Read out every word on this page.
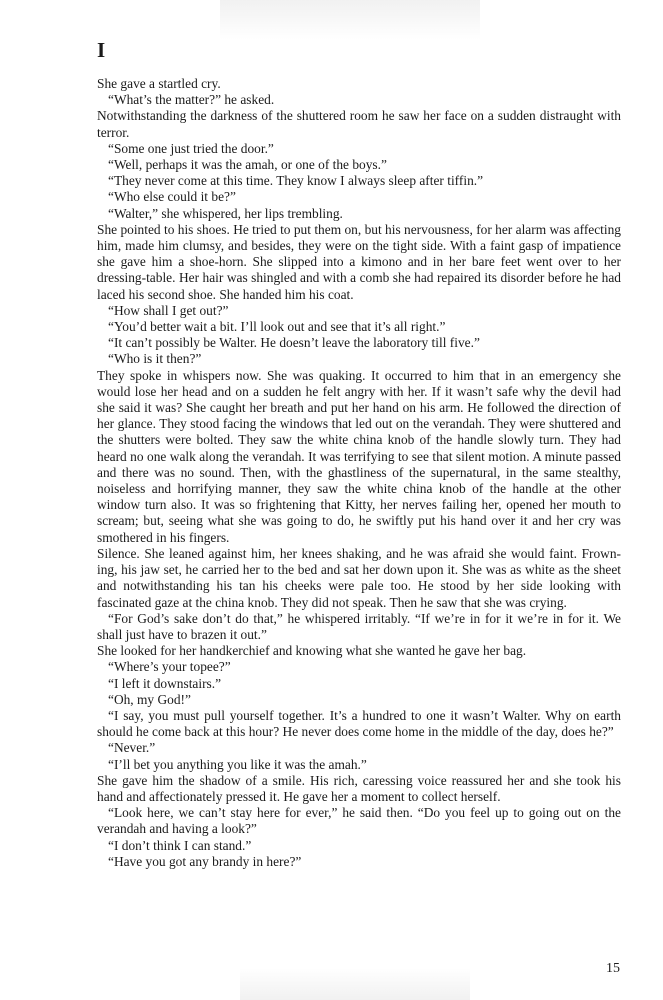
I

She gave a startled cry.

“What’s the matter?” he asked.

Notwithstanding the darkness of the shuttered room he saw her face on a sudden distraught with terror.

“Some one just tried the door.”

“Well, perhaps it was the amah, or one of the boys.”

“They never come at this time. They know I always sleep after tiffin.”

“Who else could it be?”

“Walter,” she whispered, her lips trembling.

She pointed to his shoes. He tried to put them on, but his nervousness, for her alarm was affecting him, made him clumsy, and besides, they were on the tight side. With a faint gasp of impatience she gave him a shoe-horn. She slipped into a kimono and in her bare feet went over to her dressing-table. Her hair was shingled and with a comb she had repaired its disorder before he had laced his second shoe. She handed him his coat.

“How shall I get out?”

“You’d better wait a bit. I’ll look out and see that it’s all right.”

“It can’t possibly be Walter. He doesn’t leave the laboratory till five.”

“Who is it then?”

They spoke in whispers now. She was quaking. It occurred to him that in an emergency she would lose her head and on a sudden he felt angry with her. If it wasn’t safe why the devil had she said it was? She caught her breath and put her hand on his arm. He followed the direction of her glance. They stood facing the windows that led out on the verandah. They were shuttered and the shutters were bolted. They saw the white china knob of the handle slowly turn. They had heard no one walk along the verandah. It was terrifying to see that silent motion. A minute passed and there was no sound. Then, with the ghastliness of the supernatural, in the same stealthy, noiseless and horrifying manner, they saw the white china knob of the handle at the other window turn also. It was so frightening that Kitty, her nerves failing her, opened her mouth to scream; but, seeing what she was going to do, he swiftly put his hand over it and her cry was smothered in his fingers.

Silence. She leaned against him, her knees shaking, and he was afraid she would faint. Frown-ing, his jaw set, he carried her to the bed and sat her down upon it. She was as white as the sheet and notwithstanding his tan his cheeks were pale too. He stood by her side looking with fascinated gaze at the china knob. They did not speak. Then he saw that she was crying.

“For God’s sake don’t do that,” he whispered irritably. “If we’re in for it we’re in for it. We shall just have to brazen it out.”

She looked for her handkerchief and knowing what she wanted he gave her bag.

“Where’s your topee?”

“I left it downstairs.”

“Oh, my God!”

“I say, you must pull yourself together. It’s a hundred to one it wasn’t Walter. Why on earth should he come back at this hour? He never does come home in the middle of the day, does he?”

“Never.”

“I’ll bet you anything you like it was the amah.”

She gave him the shadow of a smile. His rich, caressing voice reassured her and she took his hand and affectionately pressed it. He gave her a moment to collect herself.

“Look here, we can’t stay here for ever,” he said then. “Do you feel up to going out on the verandah and having a look?”

“I don’t think I can stand.”

“Have you got any brandy in here?”

15
